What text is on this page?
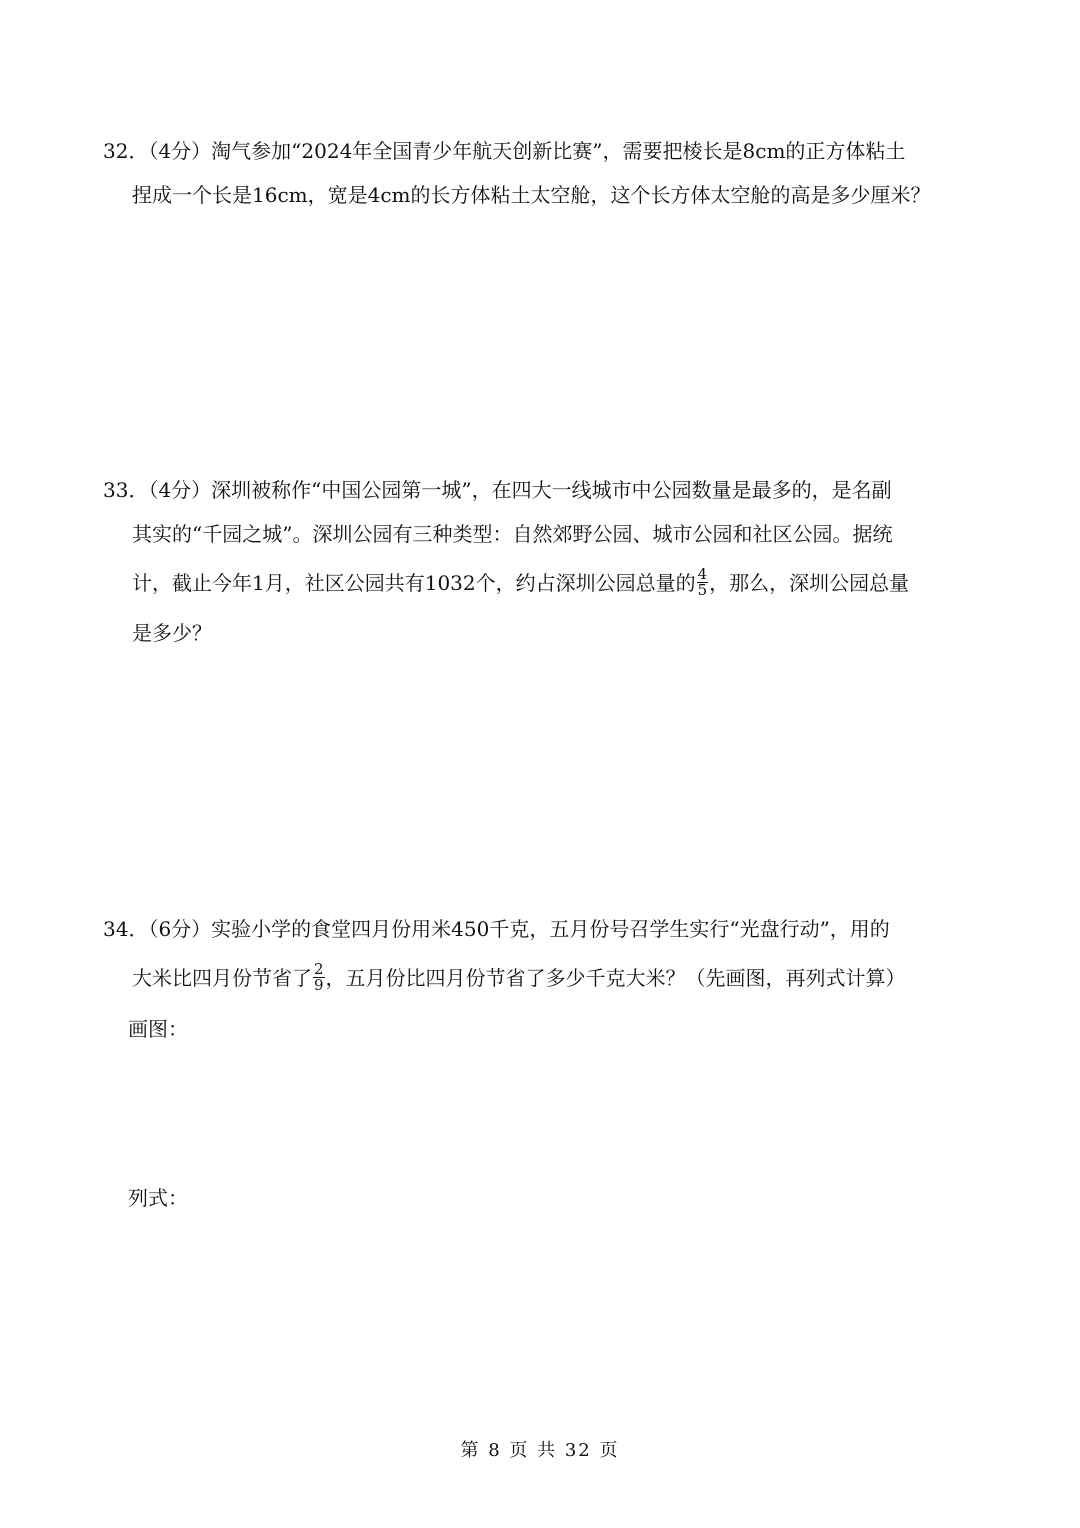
32．（4分）淘气参加“2024年全国青少年航天创新比赛”，需要把棱长是8cm的正方体粘土
捏成一个长是16cm，宽是4cm的长方体粘土太空舱，这个长方体太空舱的高是多少厘米？
33．（4分）深圳被称作“中国公园第一城”，在四大一线城市中公园数量是最多的，是名副
其实的“千园之城”。深圳公园有三种类型：自然郊野公园、城市公园和社区公园。据统
计，截止今年1月，社区公园共有1032个，约占深圳公园总量的 $\frac{4}{5}$ ，那么，深圳公园总量
是多少？
34．（6分）实验小学的食堂四月份用米450千克，五月份号召学生实行“光盘行动”，用的
大米比四月份节省了 $\frac{2}{9}$ ，五月份比四月份节省了多少千克大米？（先画图，再列式计算）
画图：
列式：
第 8 页 共 32 页
